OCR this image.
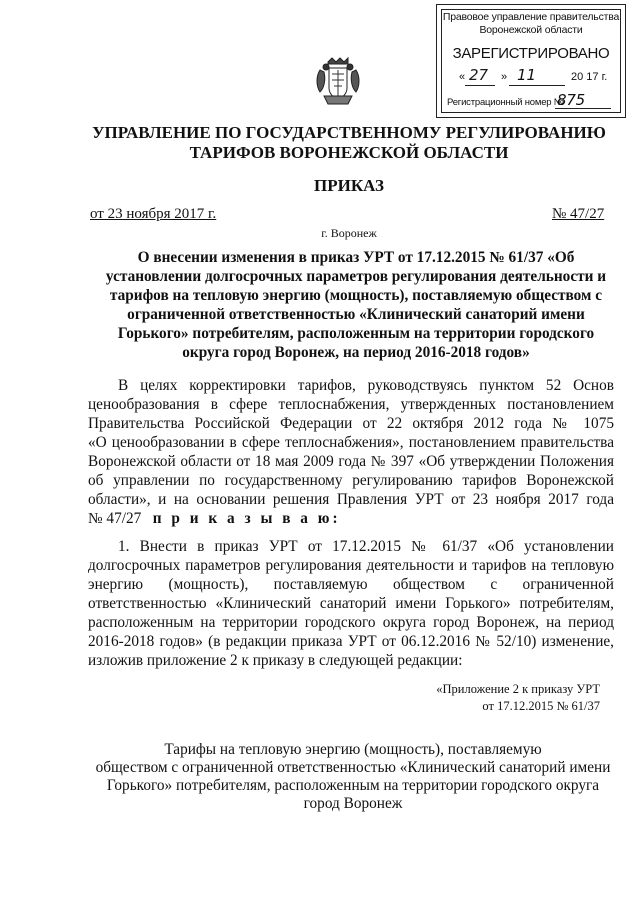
Правовое управление правительства
Воронежской области
ЗАРЕГИСТРИРОВАНО
« 27 » 11	20 17 г.
Регистрационный номер №
875
УПРАВЛЕНИЕ ПО ГОСУДАРСТВЕННОМУ РЕГУЛИРОВАНИЮ
ТАРИФОВ ВОРОНЕЖСКОЙ ОБЛАСТИ
ПРИКАЗ
от 23 ноября 2017 г.	№ 47/27
г. Воронеж
О внесении изменения в приказ УРТ от 17.12.2015 № 61/37 «Об
установлении долгосрочных параметров регулирования деятельности и
тарифов на тепловую энергию (мощность), поставляемую обществом с
ограниченной ответственностью «Клинический санаторий имени
Горького» потребителям, расположенным на территории городского
округа город Воронеж, на период 2016-2018 годов»
В целях корректировки тарифов, руководствуясь пунктом 52 Основ
ценообразования в сфере теплоснабжения, утвержденных постановлением
Правительства Российской Федерации от 22 октября 2012 года № 1075
«О ценообразовании в сфере теплоснабжения», постановлением правительства
Воронежской области от 18 мая 2009 года № 397 «Об утверждении Положения
об управлении по государственному регулированию тарифов Воронежской
области», и на основании решения Правления УРТ от 23 ноября 2017 года
№ 47/27 п р и к а з ы в а ю:
1. Внести в приказ УРТ от 17.12.2015 № 61/37 «Об установлении
долгосрочных параметров регулирования деятельности и тарифов на тепловую
энергию (мощность), поставляемую обществом с ограниченной
ответственностью «Клинический санаторий имени Горького» потребителям,
расположенным на территории городского округа город Воронеж, на период
2016-2018 годов» (в редакции приказа УРТ от 06.12.2016 № 52/10) изменение,
изложив приложение 2 к приказу в следующей редакции:
«Приложение 2 к приказу УРТ
от 17.12.2015 № 61/37
Тарифы на тепловую энергию (мощность), поставляемую
обществом с ограниченной ответственностью «Клинический санаторий имени
Горького» потребителям, расположенным на территории городского округа
город Воронеж
